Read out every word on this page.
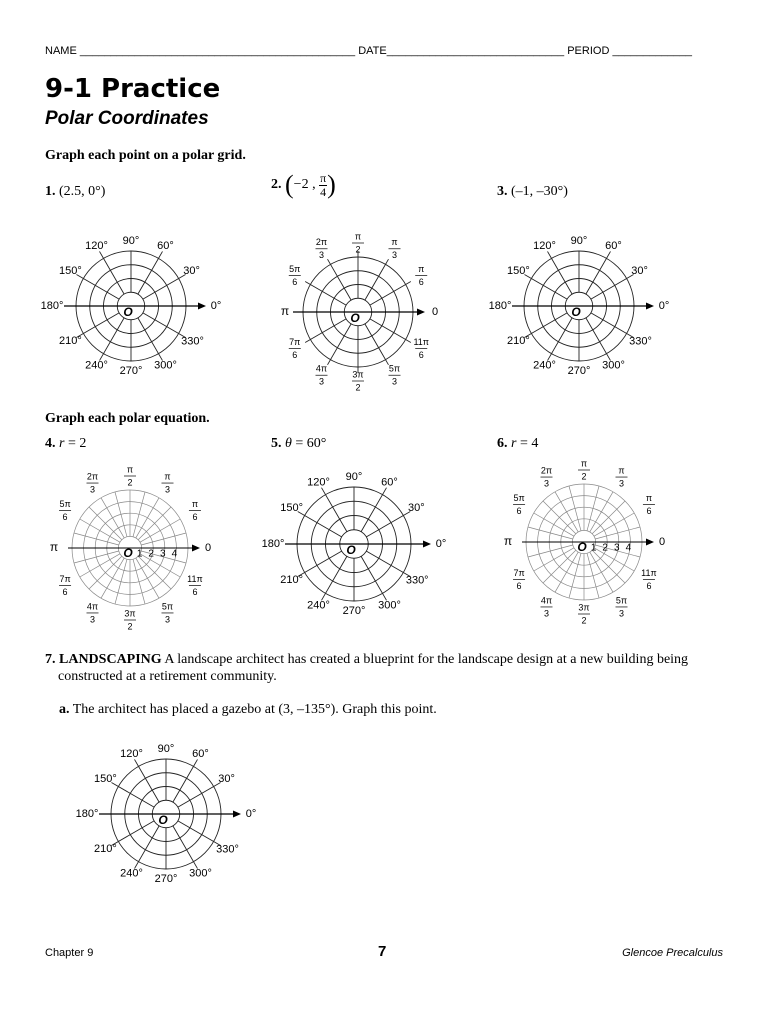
NAME _____________________________________________ DATE_____________________________ PERIOD _____________
9-1 Practice
Polar Coordinates
Graph each point on a polar grid.
1. (2.5, 0°)	2. (−2 , $\frac{\pi}{4}$ )	3. (–1, –30°)
O	0°
30°
60°
90°
120°
150°
180°
210°
240° 270° 300°
330°
O	0
π
π
6
π
3
π
2
2π
3
5π
6
7π
6
4π
3
3π
2
5π
3
11π
6
O	0°
30°
60°
90°
120°
150°
180°
210°
240° 270° 300°
330°
Graph each polar equation.
4. r = 2	5. θ = 60°	6. r = 4
O 1 2 3 4
0
π
π
6
π
3
π
2
2π
3
5π
6
7π
6
4π
3
3π
2
5π
3
11π
6
O	0°
30°
60°
90°
120°
150°
180°
210°
240° 270° 300°
330°
O 1 2 3 4
0
π
π
6
π
3
π
2
2π
3
5π
6
7π
6
4π
3
3π
2
5π
3
11π
6
7. LANDSCAPING A landscape architect has created a blueprint for the landscape design at a new building being
constructed at a retirement community.
a. The architect has placed a gazebo at (3, –135°). Graph this point.
O	0°
30°
60°
90°
120°
150°
180°
210°
240° 270° 300°
330°
Chapter 9	7	Glencoe Precalculus
